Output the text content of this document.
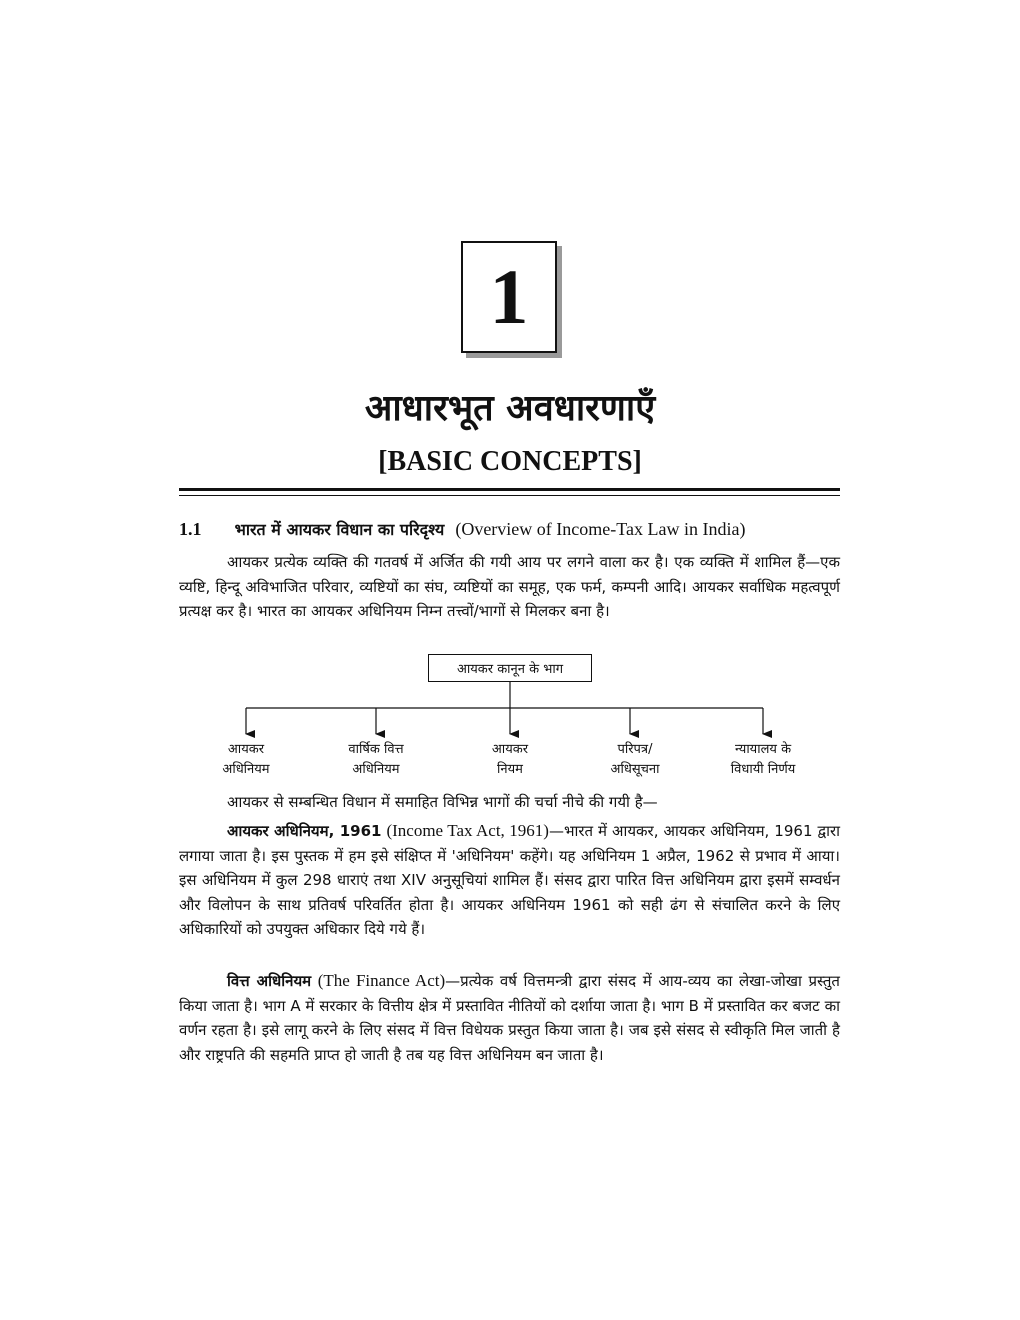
1
आधारभूत अवधारणाएँ
[BASIC CONCEPTS]
1.1 भारत में आयकर विधान का परिदृश्य (Overview of Income-Tax Law in India)

आयकर प्रत्येक व्यक्ति की गतवर्ष में अर्जित की गयी आय पर लगने वाला कर है। एक व्यक्ति में शामिल हैं—एक व्यष्टि, हिन्दू अविभाजित परिवार, व्यष्टियों का संघ, व्यष्टियों का समूह, एक फर्म, कम्पनी आदि। आयकर सर्वाधिक महत्वपूर्ण प्रत्यक्ष कर है। भारत का आयकर अधिनियम निम्न तत्त्वों/भागों से मिलकर बना है।

आयकर कानून के भाग
आयकर
अधिनियम
वार्षिक वित्त
अधिनियम
आयकर
नियम
परिपत्र/
अधिसूचना
न्यायालय के
विधायी निर्णय

आयकर से सम्बन्धित विधान में समाहित विभिन्न भागों की चर्चा नीचे की गयी है—

आयकर अधिनियम, 1961 (Income Tax Act, 1961)—भारत में आयकर, आयकर अधिनियम, 1961 द्वारा लगाया जाता है। इस पुस्तक में हम इसे संक्षिप्त में 'अधिनियम' कहेंगे। यह अधिनियम 1 अप्रैल, 1962 से प्रभाव में आया। इस अधिनियम में कुल 298 धाराएं तथा XIV अनुसूचियां शामिल हैं। संसद द्वारा पारित वित्त अधिनियम द्वारा इसमें सम्वर्धन और विलोपन के साथ प्रतिवर्ष परिवर्तित होता है। आयकर अधिनियम 1961 को सही ढंग से संचालित करने के लिए अधिकारियों को उपयुक्त अधिकार दिये गये हैं।

वित्त अधिनियम (The Finance Act)—प्रत्येक वर्ष वित्तमन्त्री द्वारा संसद में आय-व्यय का लेखा-जोखा प्रस्तुत किया जाता है। भाग A में सरकार के वित्तीय क्षेत्र में प्रस्तावित नीतियों को दर्शाया जाता है। भाग B में प्रस्तावित कर बजट का वर्णन रहता है। इसे लागू करने के लिए संसद में वित्त विधेयक प्रस्तुत किया जाता है। जब इसे संसद से स्वीकृति मिल जाती है और राष्ट्रपति की सहमति प्राप्त हो जाती है तब यह वित्त अधिनियम बन जाता है।
